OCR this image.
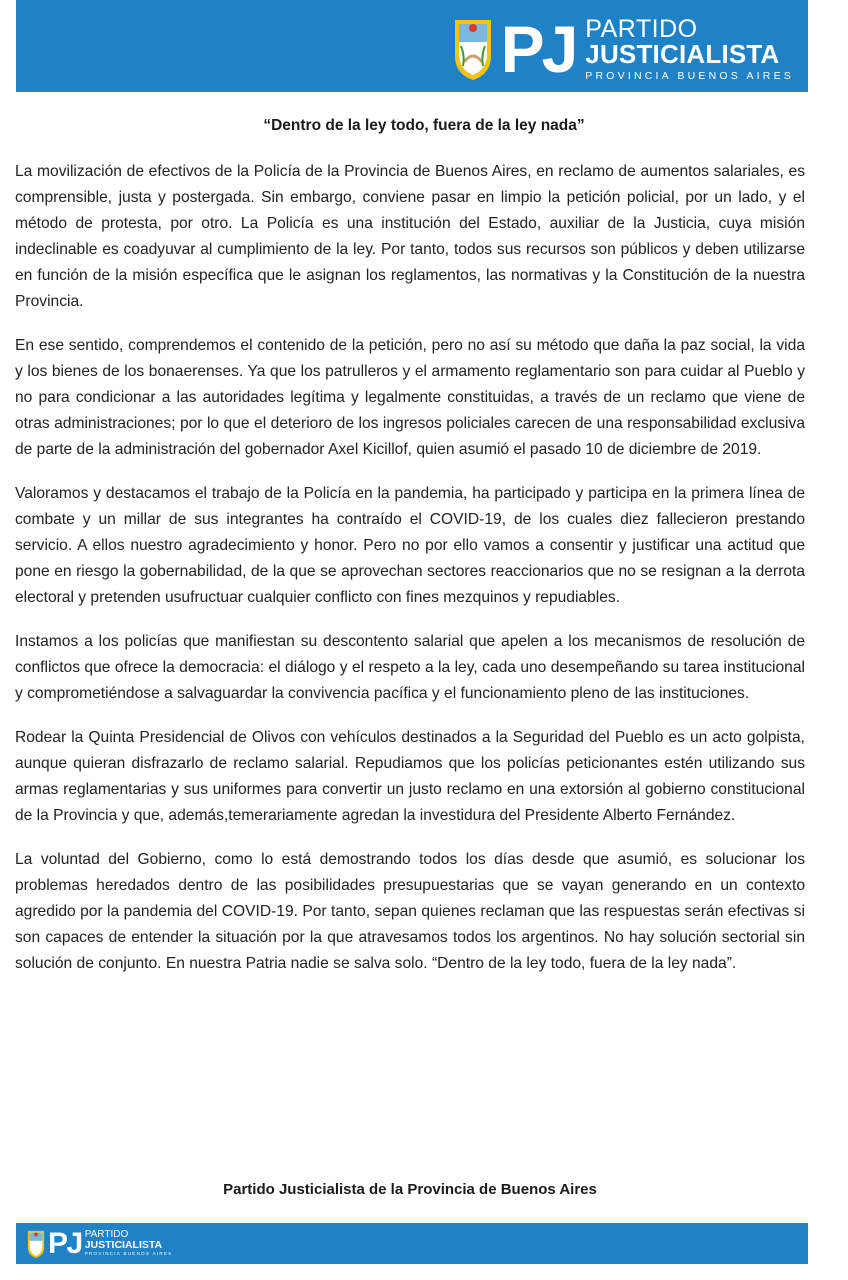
PJ PARTIDO
JUSTICIALISTA
PROVINCIA BUENOS AIRES
“Dentro de la ley todo, fuera de la ley nada”

La movilización de efectivos de la Policía de la Provincia de Buenos Aires, en reclamo de aumentos salariales, es comprensible, justa y postergada. Sin embargo, conviene pasar en limpio la petición policial, por un lado, y el método de protesta, por otro. La Policía es una institución del Estado, auxiliar de la Justicia, cuya misión indeclinable es coadyuvar al cumplimiento de la ley. Por tanto, todos sus recursos son públicos y deben utilizarse en función de la misión específica que le asignan los reglamentos, las normativas y la Constitución de la nuestra Provincia.

En ese sentido, comprendemos el contenido de la petición, pero no así su método que daña la paz social, la vida y los bienes de los bonaerenses. Ya que los patrulleros y el armamento reglamentario son para cuidar al Pueblo y no para condicionar a las autoridades legítima y legalmente constituidas, a través de un reclamo que viene de otras administraciones; por lo que el deterioro de los ingresos policiales carecen de una responsabilidad exclusiva de parte de la administración del gobernador Axel Kicillof, quien asumió el pasado 10 de diciembre de 2019.

Valoramos y destacamos el trabajo de la Policía en la pandemia, ha participado y participa en la primera línea de combate y un millar de sus integrantes ha contraído el COVID-19, de los cuales diez fallecieron prestando servicio. A ellos nuestro agradecimiento y honor. Pero no por ello vamos a consentir y justificar una actitud que pone en riesgo la gobernabilidad, de la que se aprovechan sectores reaccionarios que no se resignan a la derrota electoral y pretenden usufructuar cualquier conflicto con fines mezquinos y repudiables.

Instamos a los policías que manifiestan su descontento salarial que apelen a los mecanismos de resolución de conflictos que ofrece la democracia: el diálogo y el respeto a la ley, cada uno desempeñando su tarea institucional y comprometiéndose a salvaguardar la convivencia pacífica y el funcionamiento pleno de las instituciones.

Rodear la Quinta Presidencial de Olivos con vehículos destinados a la Seguridad del Pueblo es un acto golpista, aunque quieran disfrazarlo de reclamo salarial. Repudiamos que los policías peticionantes estén utilizando sus armas reglamentarias y sus uniformes para convertir un justo reclamo en una extorsión al gobierno constitucional de la Provincia y que, además,temerariamente agredan la investidura del Presidente Alberto Fernández.

La voluntad del Gobierno, como lo está demostrando todos los días desde que asumió, es solucionar los problemas heredados dentro de las posibilidades presupuestarias que se vayan generando en un contexto agredido por la pandemia del COVID-19. Por tanto, sepan quienes reclaman que las respuestas serán efectivas si son capaces de entender la situación por la que atravesamos todos los argentinos. No hay solución sectorial sin solución de conjunto. En nuestra Patria nadie se salva solo. “Dentro de la ley todo, fuera de la ley nada”.

Partido Justicialista de la Provincia de Buenos Aires
PJ PARTIDO
JUSTICIALISTA
PROVINCIA BUENOS AIRES
